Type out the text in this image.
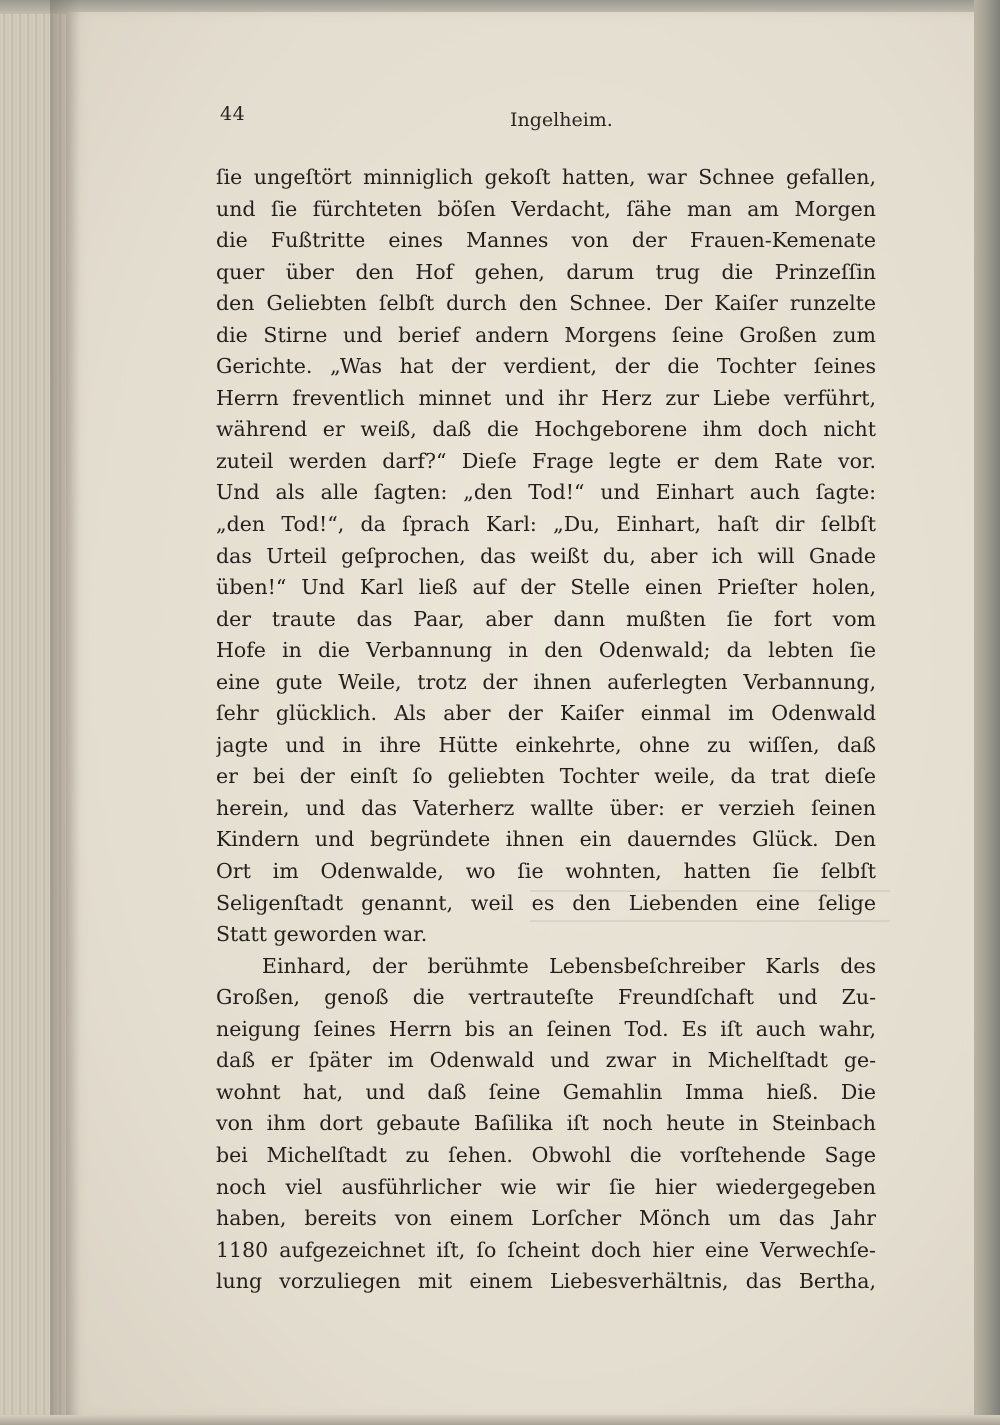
44	Ingelheim.
ſie ungeſtört minniglich gekoſt hatten, war Schnee gefallen,
und ſie fürchteten böſen Verdacht, ſähe man am Morgen
die Fußtritte eines Mannes von der Frauen-Kemenate
quer über den Hof gehen, darum trug die Prinzeſſin
den Geliebten ſelbſt durch den Schnee. Der Kaiſer runzelte
die Stirne und berief andern Morgens ſeine Großen zum
Gerichte. „Was hat der verdient, der die Tochter ſeines
Herrn freventlich minnet und ihr Herz zur Liebe verführt,
während er weiß, daß die Hochgeborene ihm doch nicht
zuteil werden darf?“ Dieſe Frage legte er dem Rate vor.
Und als alle ſagten: „den Tod!“ und Einhart auch ſagte:
„den Tod!“, da ſprach Karl: „Du, Einhart, haſt dir ſelbſt
das Urteil geſprochen, das weißt du, aber ich will Gnade
üben!“ Und Karl ließ auf der Stelle einen Prieſter holen,
der traute das Paar, aber dann mußten ſie fort vom
Hofe in die Verbannung in den Odenwald; da lebten ſie
eine gute Weile, trotz der ihnen auferlegten Verbannung,
ſehr glücklich. Als aber der Kaiſer einmal im Odenwald
jagte und in ihre Hütte einkehrte, ohne zu wiſſen, daß
er bei der einſt ſo geliebten Tochter weile, da trat dieſe
herein, und das Vaterherz wallte über: er verzieh ſeinen
Kindern und begründete ihnen ein dauerndes Glück. Den
Ort im Odenwalde, wo ſie wohnten, hatten ſie ſelbſt
Seligenſtadt genannt, weil es den Liebenden eine ſelige
Statt geworden war.
Einhard, der berühmte Lebensbeſchreiber Karls des
Großen, genoß die vertrauteſte Freundſchaft und Zu-
neigung ſeines Herrn bis an ſeinen Tod. Es iſt auch wahr,
daß er ſpäter im Odenwald und zwar in Michelſtadt ge-
wohnt hat, und daß ſeine Gemahlin Imma hieß. Die
von ihm dort gebaute Baſilika iſt noch heute in Steinbach
bei Michelſtadt zu ſehen. Obwohl die vorſtehende Sage
noch viel ausführlicher wie wir ſie hier wiedergegeben
haben, bereits von einem Lorſcher Mönch um das Jahr
1180 aufgezeichnet iſt, ſo ſcheint doch hier eine Verwechſe-
lung vorzuliegen mit einem Liebesverhältnis, das Bertha,
